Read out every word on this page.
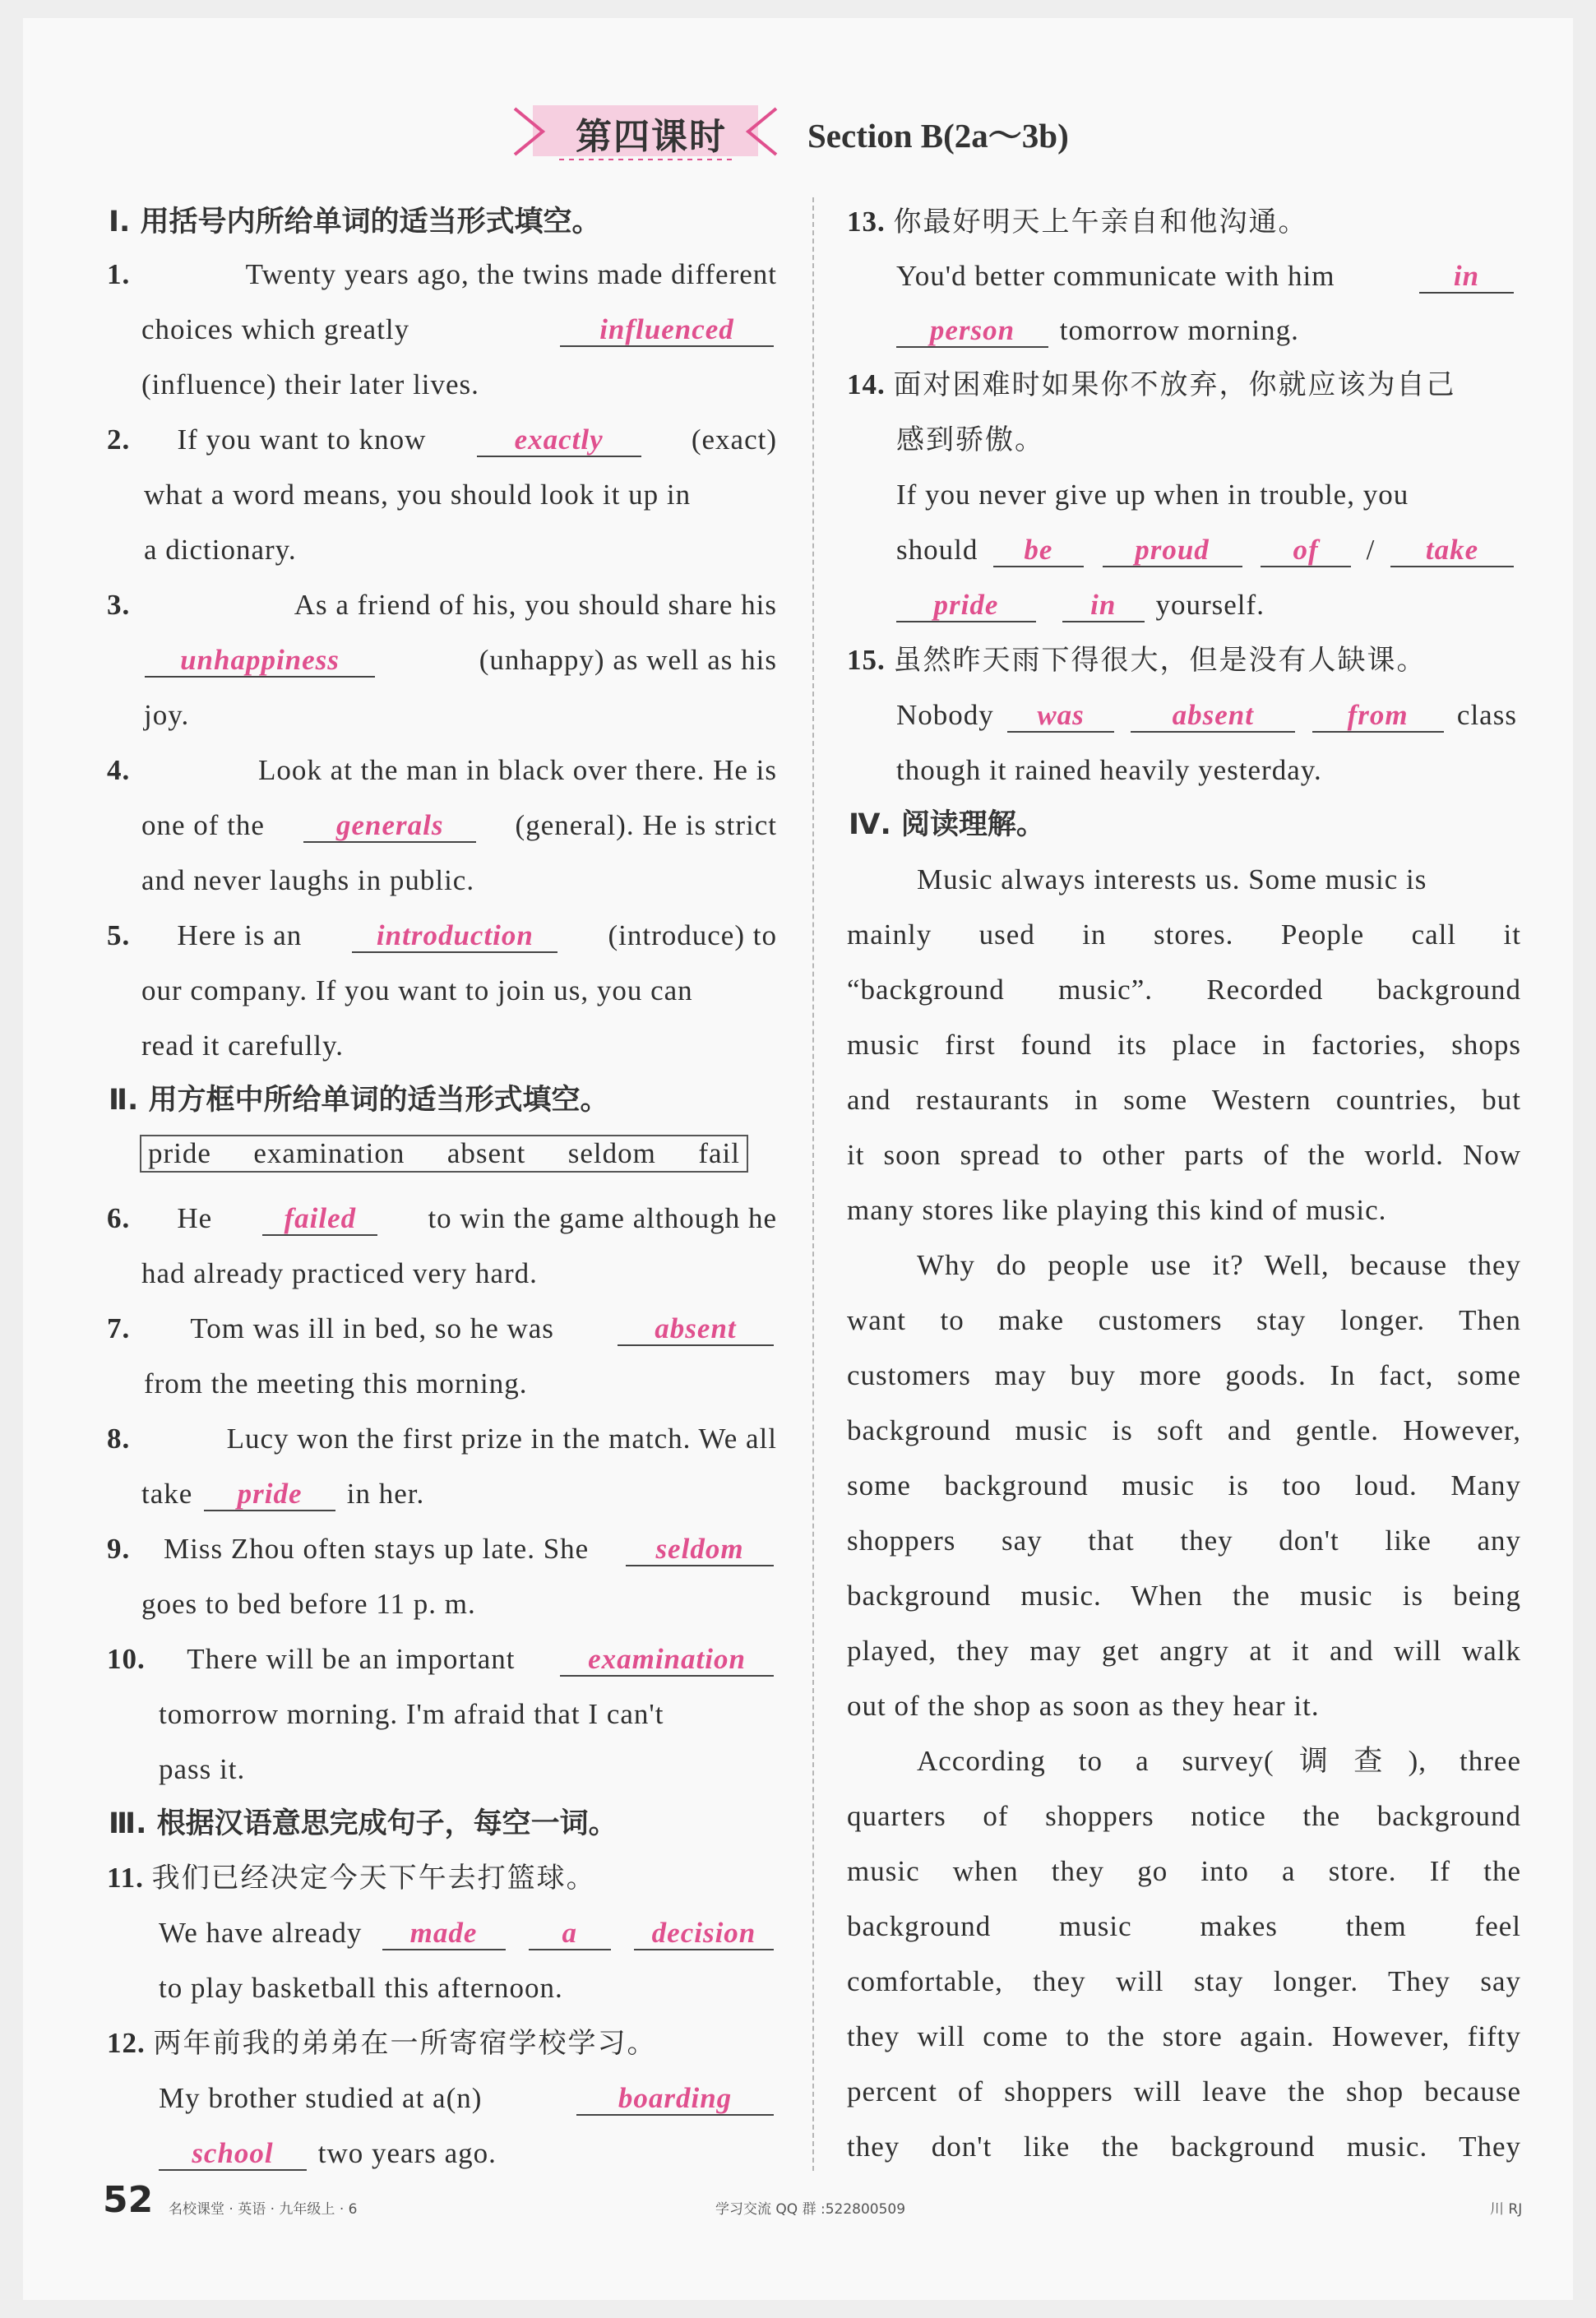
第四课时 Section B(2a～3b)
Ⅰ. 用括号内所给单词的适当形式填空。
1.	Twenty years ago, the twins made different
choices which greatly	influenced
(influence) their later lives.
2. If you want to know	exactly	(exact)
what a word means, you should look it up in
a dictionary.
3.	As a friend of his, you should share his
unhappiness	(unhappy) as well as his
joy.
4.	Look at the man in black over there. He is
one of the	generals	(general). He is strict
and never laughs in public.
5. Here is an	introduction	(introduce) to
our company. If you want to join us, you can
read it carefully.
Ⅱ. 用方框中所给单词的适当形式填空。
pride examination absent seldom fail
6. He	failed	to win the game although he
had already practiced very hard.
7. Tom was ill in bed, so he was	absent
from the meeting this morning.
8.	Lucy won the first prize in the match. We all
take pride in her.
9. Miss Zhou often stays up late. She	seldom
goes to bed before 11 p. m.
10. There will be an important	examination
tomorrow morning. I'm afraid that I can't
pass it.
Ⅲ. 根据汉语意思完成句子，每空一词。
11. 我们已经决定今天下午去打篮球。
We have already	made	a	decision
to play basketball this afternoon.
12. 两年前我的弟弟在一所寄宿学校学习。
My brother studied at a(n)	boarding
school two years ago.
13. 你最好明天上午亲自和他沟通。
You'd better communicate with him	in
person tomorrow morning.
14. 面对困难时如果你不放弃，你就应该为自己
感到骄傲。
If you never give up when in trouble, you
should	be	proud	of	/	take
pride	in yourself.
15. 虽然昨天雨下得很大，但是没有人缺课。
Nobody	was	absent	from	class
though it rained heavily yesterday.
Ⅳ. 阅读理解。
Music always interests us. Some music is
mainly used in stores. People call it
“background music”. Recorded background
music first found its place in factories, shops
and restaurants in some Western countries, but
it soon spread to other parts of the world. Now
many stores like playing this kind of music.
Why do people use it? Well, because they
want to make customers stay longer. Then
customers may buy more goods. In fact, some
background music is soft and gentle. However,
some background music is too loud. Many
shoppers say that they don't like any
background music. When the music is being
played, they may get angry at it and will walk
out of the shop as soon as they hear it.
According to a survey(调查), three
quarters of shoppers notice the background
music when they go into a store. If the
background music makes them feel
comfortable, they will stay longer. They say
they will come to the store again. However, fifty
percent of shoppers will leave the shop because
they don't like the background music. They
52 名校课堂 · 英语 · 九年级上 · 6	学习交流 QQ 群 :522800509	川 RJ
